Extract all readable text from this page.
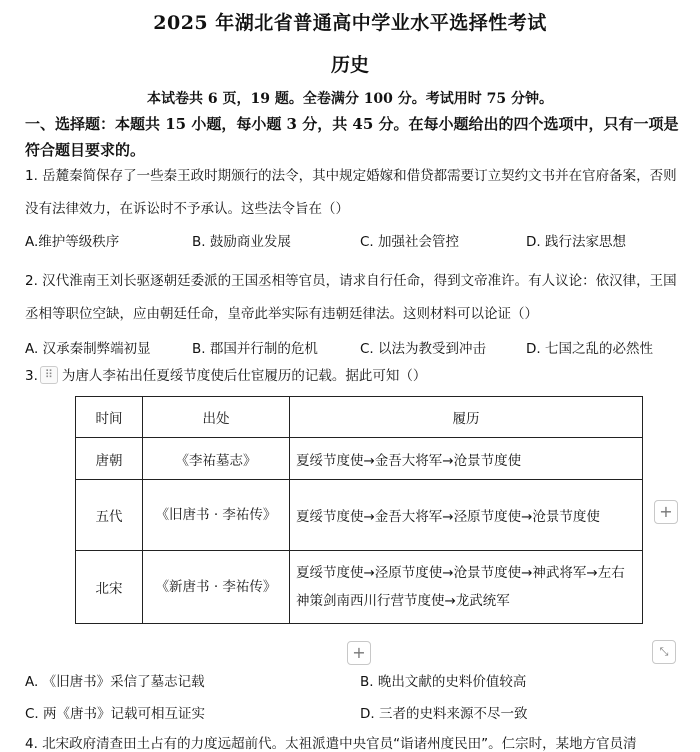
2025 年湖北省普通高中学业水平选择性考试
历史
本试卷共 6 页，19 题。全卷满分 100 分。考试用时 75 分钟。
一、选择题：本题共 15 小题，每小题 3 分，共 45 分。在每小题给出的四个选项中，只有一项是符合题目要求的。
1. 岳麓秦简保存了一些秦王政时期颁行的法令，其中规定婚嫁和借贷都需要订立契约文书并在官府备案，否则没有法律效力，在诉讼时不予承认。这些法令旨在（）
A.维护等级秩序	B. 鼓励商业发展	C. 加强社会管控	D. 践行法家思想
2. 汉代淮南王刘长驱逐朝廷委派的王国丞相等官员，请求自行任命，得到文帝准许。有人议论：依汉律，王国丞相等职位空缺，应由朝廷任命，皇帝此举实际有违朝廷律法。这则材料可以论证（）
A. 汉承秦制弊端初显	B. 郡国并行制的危机	C. 以法为教受到冲击	D. 七国之乱的必然性
3. ⠿ 为唐人李祐出任夏绥节度使后仕宦履历的记载。据此可知（）
时间	出处	履历
唐朝	《李祐墓志》	夏绥节度使→金吾大将军→沧景节度使
五代	《旧唐书 · 李祐传》	夏绥节度使→金吾大将军→泾原节度使→沧景节度使
北宋	《新唐书 · 李祐传》	夏绥节度使→泾原节度使→沧景节度使→神武将军→左右神策剑南西川行营节度使→龙武统军
+
+	⤡
A. 《旧唐书》采信了墓志记载	B. 晚出文献的史料价值较高
C. 两《唐书》记载可相互证实	D. 三者的史料来源不尽一致
4. 北宋政府清查田土占有的力度远超前代。太祖派遣中央官员“诣诸州度民田”。仁宗时，某地方官员清
